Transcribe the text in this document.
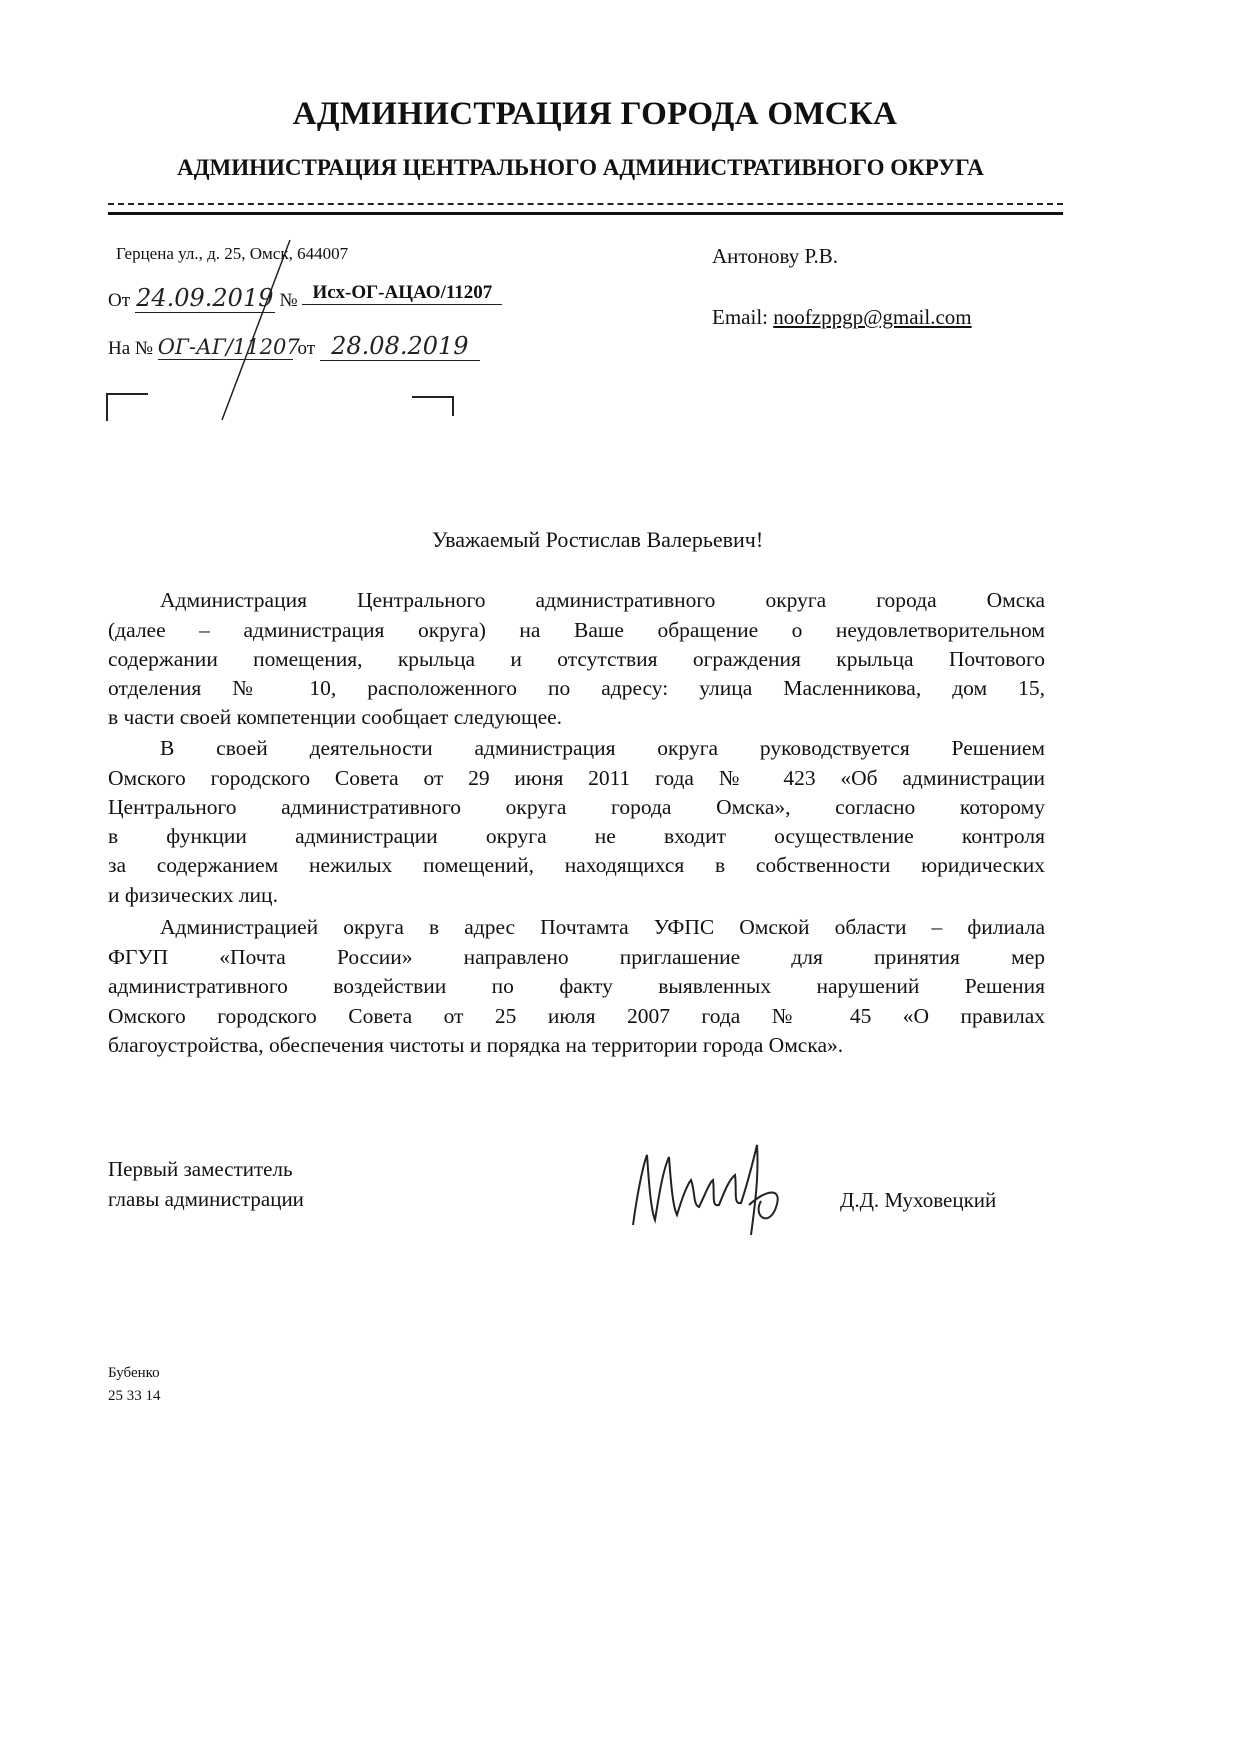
АДМИНИСТРАЦИЯ ГОРОДА ОМСКА
АДМИНИСТРАЦИЯ ЦЕНТРАЛЬНОГО АДМИНИСТРАТИВНОГО ОКРУГА
Герцена ул., д. 25, Омск, 644007
От 24.09.2019 № Исх-ОГ-АЦАО/11207
На № ОГ-АГ/11207 от 28.08.2019
Антонову Р.В.
Email: noofzppgp@gmail.com
Уважаемый Ростислав Валерьевич!
Администрация Центрального административного округа города Омска
(далее – администрация округа) на Ваше обращение о неудовлетворительном
содержании помещения, крыльца и отсутствия ограждения крыльца Почтового
отделения № 10, расположенного по адресу: улица Масленникова, дом 15,
в части своей компетенции сообщает следующее.
В своей деятельности администрация округа руководствуется Решением
Омского городского Совета от 29 июня 2011 года № 423 «Об администрации
Центрального административного округа города Омска», согласно которому
в функции администрации округа не входит осуществление контроля
за содержанием нежилых помещений, находящихся в собственности юридических
и физических лиц.
Администрацией округа в адрес Почтамта УФПС Омской области – филиала
ФГУП «Почта России» направлено приглашение для принятия мер
административного воздействии по факту выявленных нарушений Решения
Омского городского Совета от 25 июля 2007 года № 45 «О правилах
благоустройства, обеспечения чистоты и порядка на территории города Омска».
Первый заместитель
главы администрации	Д.Д. Муховецкий
Бубенко
25 33 14
